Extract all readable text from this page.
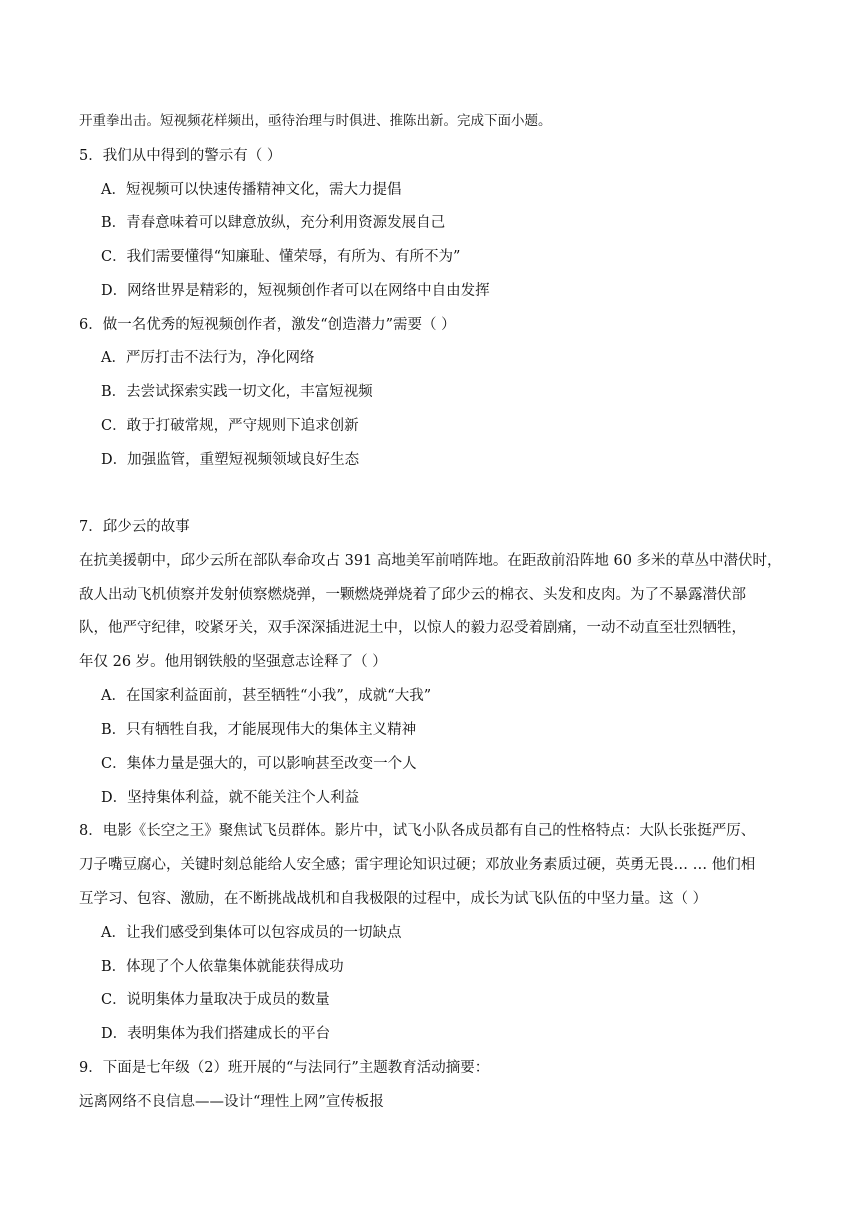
开重拳出击。短视频花样频出，亟待治理与时俱进、推陈出新。完成下面小题。
5．我们从中得到的警示有（ ）
A．短视频可以快速传播精神文化，需大力提倡
B．青春意味着可以肆意放纵，充分利用资源发展自己
C．我们需要懂得“知廉耻、懂荣辱，有所为、有所不为”
D．网络世界是精彩的，短视频创作者可以在网络中自由发挥
6．做一名优秀的短视频创作者，激发“创造潜力”需要（ ）
A．严厉打击不法行为，净化网络
B．去尝试探索实践一切文化，丰富短视频
C．敢于打破常规，严守规则下追求创新
D．加强监管，重塑短视频领域良好生态
7．邱少云的故事
在抗美援朝中，邱少云所在部队奉命攻占 391 高地美军前哨阵地。在距敌前沿阵地 60 多米的草丛中潜伏时，
敌人出动飞机侦察并发射侦察燃烧弹，一颗燃烧弹烧着了邱少云的棉衣、头发和皮肉。为了不暴露潜伏部
队，他严守纪律，咬紧牙关，双手深深插进泥土中，以惊人的毅力忍受着剧痛，一动不动直至壮烈牺牲，
年仅 26 岁。他用钢铁般的坚强意志诠释了（ ）
A．在国家利益面前，甚至牺牲“小我”，成就“大我”
B．只有牺牲自我，才能展现伟大的集体主义精神
C．集体力量是强大的，可以影响甚至改变一个人
D．坚持集体利益，就不能关注个人利益
8．电影《长空之王》聚焦试飞员群体。影片中，试飞小队各成员都有自己的性格特点：大队长张挺严厉、
刀子嘴豆腐心，关键时刻总能给人安全感；雷宇理论知识过硬；邓放业务素质过硬，英勇无畏… … 他们相
互学习、包容、激励，在不断挑战战机和自我极限的过程中，成长为试飞队伍的中坚力量。这（ ）
A．让我们感受到集体可以包容成员的一切缺点
B．体现了个人依靠集体就能获得成功
C．说明集体力量取决于成员的数量
D．表明集体为我们搭建成长的平台
9．下面是七年级（2）班开展的“与法同行”主题教育活动摘要：
远离网络不良信息——设计“理性上网”宣传板报
